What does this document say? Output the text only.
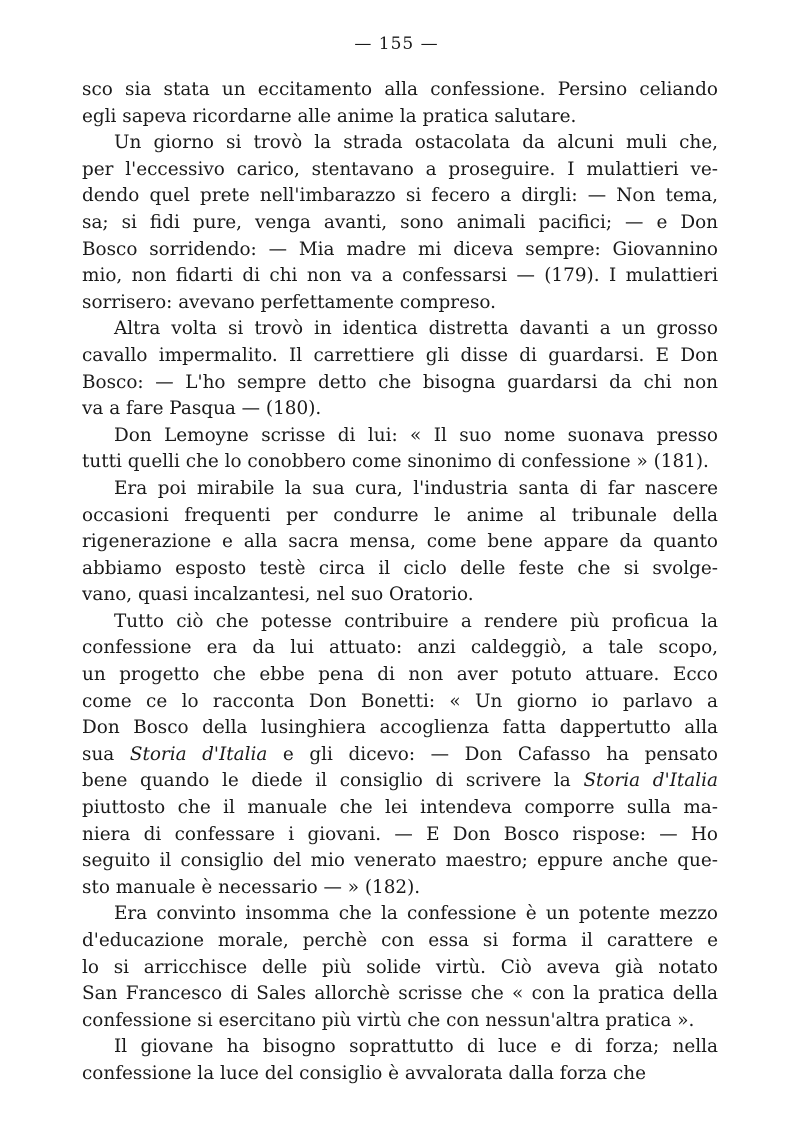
— 155 —
sco sia stata un eccitamento alla confessione. Persino celiando
egli sapeva ricordarne alle anime la pratica salutare.
Un giorno si trovò la strada ostacolata da alcuni muli che,
per l'eccessivo carico, stentavano a proseguire. I mulattieri ve-
dendo quel prete nell'imbarazzo si fecero a dirgli: — Non tema,
sa; si fidi pure, venga avanti, sono animali pacifici; — e Don
Bosco sorridendo: — Mia madre mi diceva sempre: Giovannino
mio, non fidarti di chi non va a confessarsi — (179). I mulattieri
sorrisero: avevano perfettamente compreso.
Altra volta si trovò in identica distretta davanti a un grosso
cavallo impermalito. Il carrettiere gli disse di guardarsi. E Don
Bosco: — L'ho sempre detto che bisogna guardarsi da chi non
va a fare Pasqua — (180).
Don Lemoyne scrisse di lui: « Il suo nome suonava presso
tutti quelli che lo conobbero come sinonimo di confessione » (181).
Era poi mirabile la sua cura, l'industria santa di far nascere
occasioni frequenti per condurre le anime al tribunale della
rigenerazione e alla sacra mensa, come bene appare da quanto
abbiamo esposto testè circa il ciclo delle feste che si svolge-
vano, quasi incalzantesi, nel suo Oratorio.
Tutto ciò che potesse contribuire a rendere più proficua la
confessione era da lui attuato: anzi caldeggiò, a tale scopo,
un progetto che ebbe pena di non aver potuto attuare. Ecco
come ce lo racconta Don Bonetti: « Un giorno io parlavo a
Don Bosco della lusinghiera accoglienza fatta dappertutto alla
sua Storia d'Italia e gli dicevo: — Don Cafasso ha pensato
bene quando le diede il consiglio di scrivere la Storia d'Italia
piuttosto che il manuale che lei intendeva comporre sulla ma-
niera di confessare i giovani. — E Don Bosco rispose: — Ho
seguito il consiglio del mio venerato maestro; eppure anche que-
sto manuale è necessario — » (182).
Era convinto insomma che la confessione è un potente mezzo
d'educazione morale, perchè con essa si forma il carattere e
lo si arricchisce delle più solide virtù. Ciò aveva già notato
San Francesco di Sales allorchè scrisse che « con la pratica della
confessione si esercitano più virtù che con nessun'altra pratica ».
Il giovane ha bisogno soprattutto di luce e di forza; nella
confessione la luce del consiglio è avvalorata dalla forza che
